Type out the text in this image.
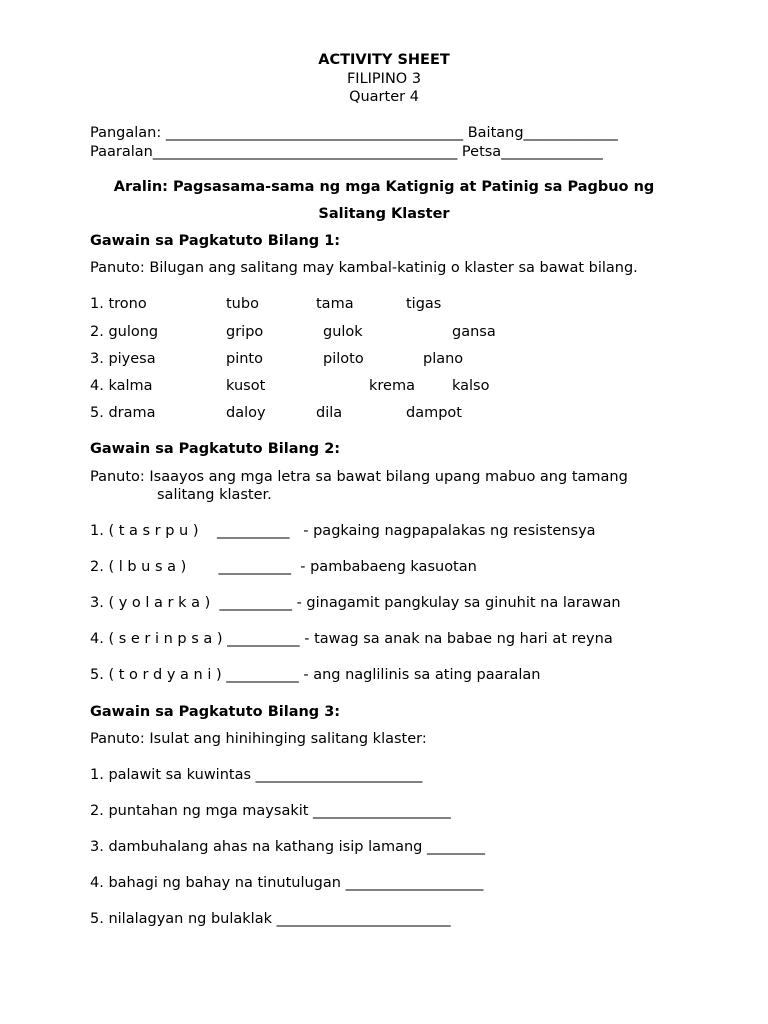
ACTIVITY SHEET
FILIPINO 3
Quarter 4
Pangalan: _________________________________________ Baitang_____________
Paaralan__________________________________________ Petsa______________
Aralin: Pagsasama-sama ng mga Katignig at Patinig sa Pagbuo ng
Salitang Klaster
Gawain sa Pagkatuto Bilang 1:
Panuto: Bilugan ang salitang may kambal-katinig o klaster sa bawat bilang.
1. trono	tubo	tama	tigas
2. gulong	gripo	gulok	gansa
3. piyesa	pinto	piloto	plano
4. kalma	kusot	krema	kalso
5. drama	daloy	dila	dampot
Gawain sa Pagkatuto Bilang 2:
Panuto: Isaayos ang mga letra sa bawat bilang upang mabuo ang tamang
salitang klaster.
1. ( t a s r p u )    __________   - pagkaing nagpapalakas ng resistensya
2. ( l b u s a )       __________  - pambabaeng kasuotan
3. ( y o l a r k a )  __________ - ginagamit pangkulay sa ginuhit na larawan
4. ( s e r i n p s a ) __________ - tawag sa anak na babae ng hari at reyna
5. ( t o r d y a n i ) __________ - ang naglilinis sa ating paaralan
Gawain sa Pagkatuto Bilang 3:
Panuto: Isulat ang hinihinging salitang klaster:
1. palawit sa kuwintas _______________________
2. puntahan ng mga maysakit ___________________
3. dambuhalang ahas na kathang isip lamang ________
4. bahagi ng bahay na tinutulugan ___________________
5. nilalagyan ng bulaklak ________________________
